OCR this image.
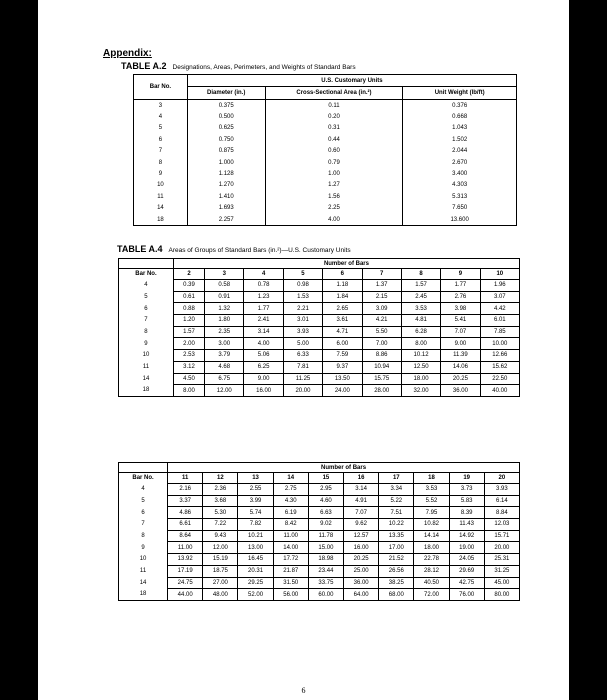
Appendix:
TABLE A.2 Designations, Areas, Perimeters, and Weights of Standard Bars
Bar No.	U.S. Customary Units		
	Diameter (in.)	Cross-Sectional Area (in.²)	Unit Weight (lb/ft)
3	0.375	0.11	0.376
4	0.500	0.20	0.668
5	0.625	0.31	1.043
6	0.750	0.44	1.502
7	0.875	0.60	2.044
8	1.000	0.79	2.670
9	1.128	1.00	3.400
10	1.270	1.27	4.303
11	1.410	1.56	5.313
14	1.693	2.25	7.650
18	2.257	4.00	13.600
TABLE A.4 Areas of Groups of Standard Bars (in.²)—U.S. Customary Units
	Number of Bars								
Bar No.	2	3	4	5	6	7	8	9	10
4	0.39	0.58	0.78	0.98	1.18	1.37	1.57	1.77	1.96
5	0.61	0.91	1.23	1.53	1.84	2.15	2.45	2.76	3.07
6	0.88	1.32	1.77	2.21	2.65	3.09	3.53	3.98	4.42
7	1.20	1.80	2.41	3.01	3.61	4.21	4.81	5.41	6.01
8	1.57	2.35	3.14	3.93	4.71	5.50	6.28	7.07	7.85
9	2.00	3.00	4.00	5.00	6.00	7.00	8.00	9.00	10.00
10	2.53	3.79	5.06	6.33	7.59	8.86	10.12	11.39	12.66
11	3.12	4.68	6.25	7.81	9.37	10.94	12.50	14.06	15.62
14	4.50	6.75	9.00	11.25	13.50	15.75	18.00	20.25	22.50
18	8.00	12.00	16.00	20.00	24.00	28.00	32.00	36.00	40.00
	Number of Bars									
Bar No.	11	12	13	14	15	16	17	18	19	20
4	2.16	2.36	2.55	2.75	2.95	3.14	3.34	3.53	3.73	3.93
5	3.37	3.68	3.99	4.30	4.60	4.91	5.22	5.52	5.83	6.14
6	4.86	5.30	5.74	6.19	6.63	7.07	7.51	7.95	8.39	8.84
7	6.61	7.22	7.82	8.42	9.02	9.62	10.22	10.82	11.43	12.03
8	8.64	9.43	10.21	11.00	11.78	12.57	13.35	14.14	14.92	15.71
9	11.00	12.00	13.00	14.00	15.00	16.00	17.00	18.00	19.00	20.00
10	13.92	15.19	16.45	17.72	18.98	20.25	21.52	22.78	24.05	25.31
11	17.19	18.75	20.31	21.87	23.44	25.00	26.56	28.12	29.69	31.25
14	24.75	27.00	29.25	31.50	33.75	36.00	38.25	40.50	42.75	45.00
18	44.00	48.00	52.00	56.00	60.00	64.00	68.00	72.00	76.00	80.00
6
